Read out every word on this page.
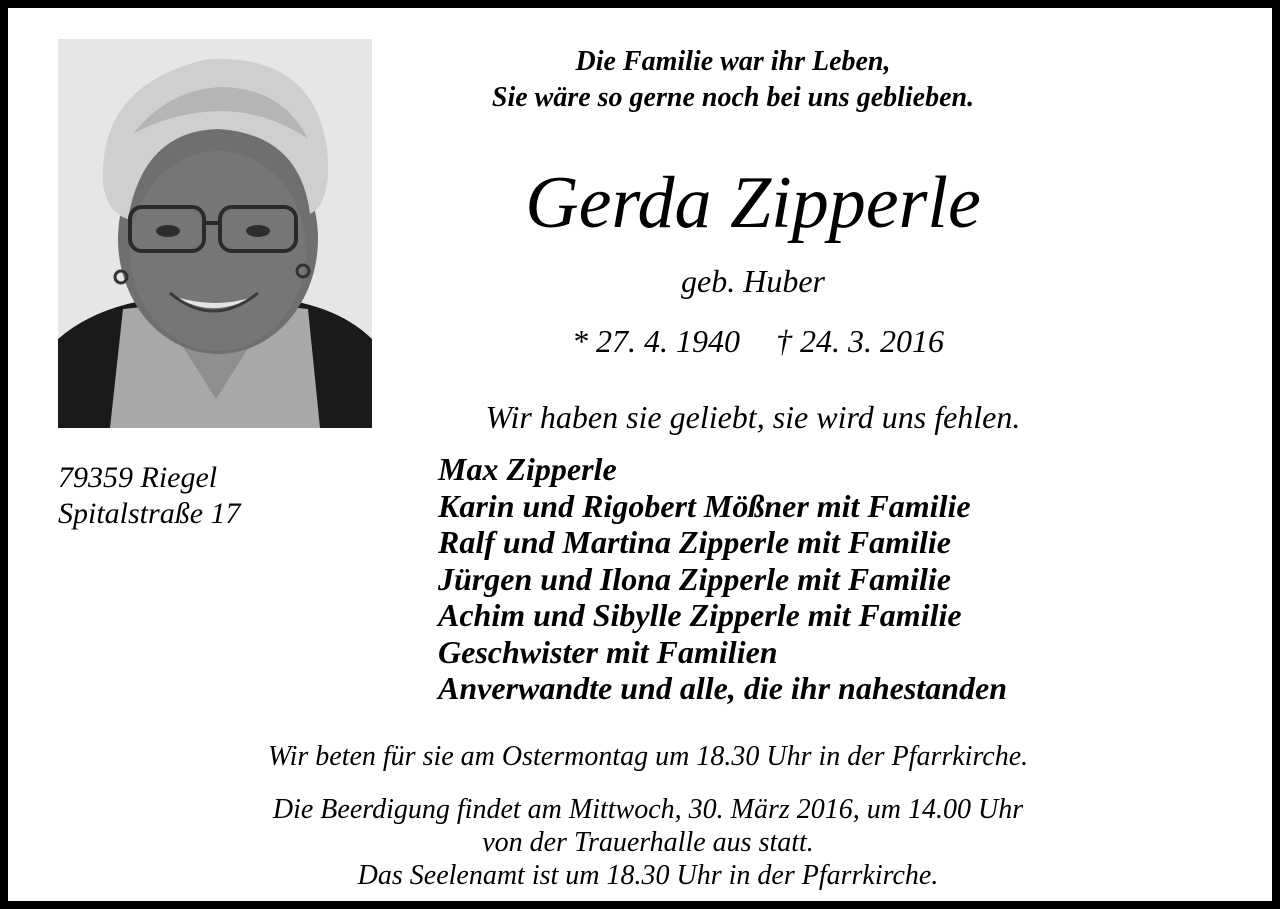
Die Familie war ihr Leben,
Sie wäre so gerne noch bei uns geblieben.
Gerda Zipperle
geb. Huber
* 27. 4. 1940 † 24. 3. 2016
Wir haben sie geliebt, sie wird uns fehlen.
79359 Riegel
Spitalstraße 17
Max Zipperle
Karin und Rigobert Mößner mit Familie
Ralf und Martina Zipperle mit Familie
Jürgen und Ilona Zipperle mit Familie
Achim und Sibylle Zipperle mit Familie
Geschwister mit Familien
Anverwandte und alle, die ihr nahestanden
Wir beten für sie am Ostermontag um 18.30 Uhr in der Pfarrkirche.
Die Beerdigung findet am Mittwoch, 30. März 2016, um 14.00 Uhr
von der Trauerhalle aus statt.
Das Seelenamt ist um 18.30 Uhr in der Pfarrkirche.
